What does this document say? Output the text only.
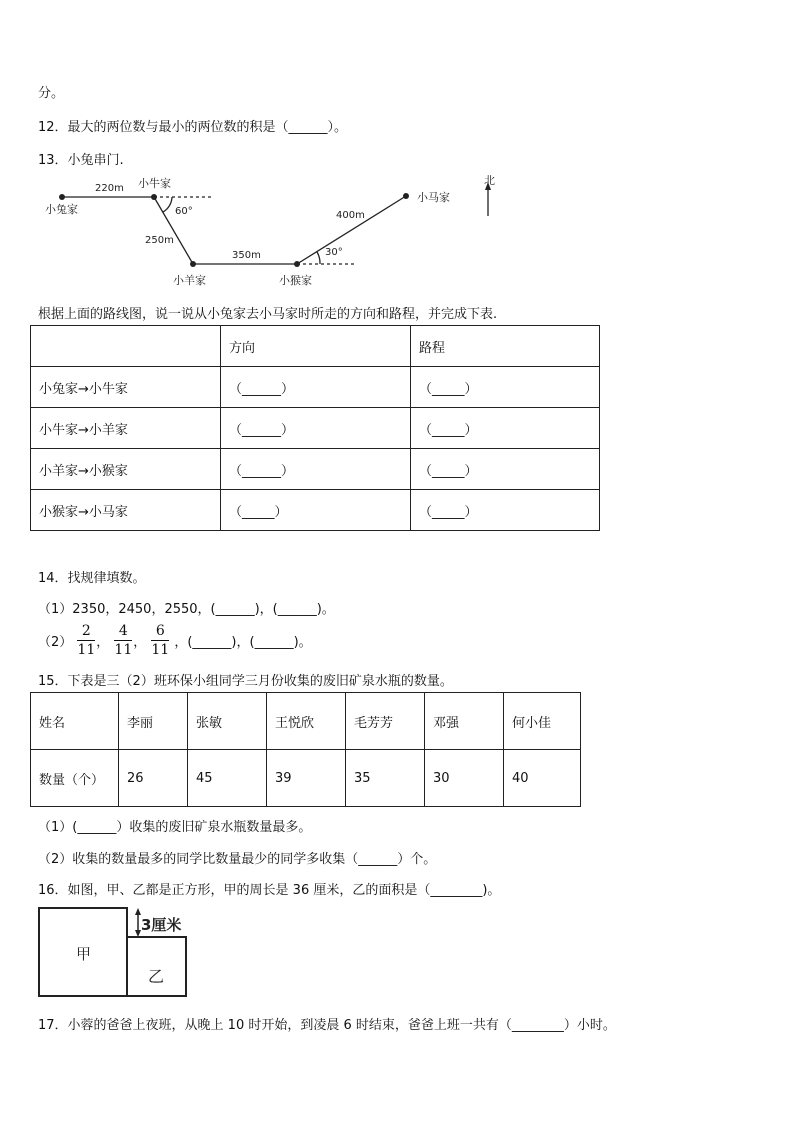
分。
12．最大的两位数与最小的两位数的积是（______）。
13．小兔串门.
小兔家
小牛家
小羊家	小猴家
小马家
北
220m
250m
350m
400m
60°
30°
根据上面的路线图，说一说从小兔家去小马家时所走的方向和路程，并完成下表.
	方向	路程
小兔家→小牛家	（______）	（_____）
小牛家→小羊家	（______）	（_____）
小羊家→小猴家	（______）	（_____）
小猴家→小马家	（_____）	（_____）
14．找规律填数。
（1）2350，2450，2550，(______)，(______)。
$(2) \frac{2}{11}$ ， $\frac{4}{11}$ ， $\frac{6}{11}$ ，(______)，(______)。
15．下表是三（2）班环保小组同学三月份收集的废旧矿泉水瓶的数量。
姓名	李丽	张敏	王悦欣	毛芳芳	邓强	何小佳
数量（个）	26	45	39	35	30	40
（1）(______）收集的废旧矿泉水瓶数量最多。
（2）收集的数量最多的同学比数量最少的同学多收集（______）个。
16．如图，甲、乙都是正方形，甲的周长是 36 厘米，乙的面积是（________)。
甲
乙
3厘米
17．小蓉的爸爸上夜班，从晚上 10 时开始，到凌晨 6 时结束，爸爸上班一共有（________）小时。
